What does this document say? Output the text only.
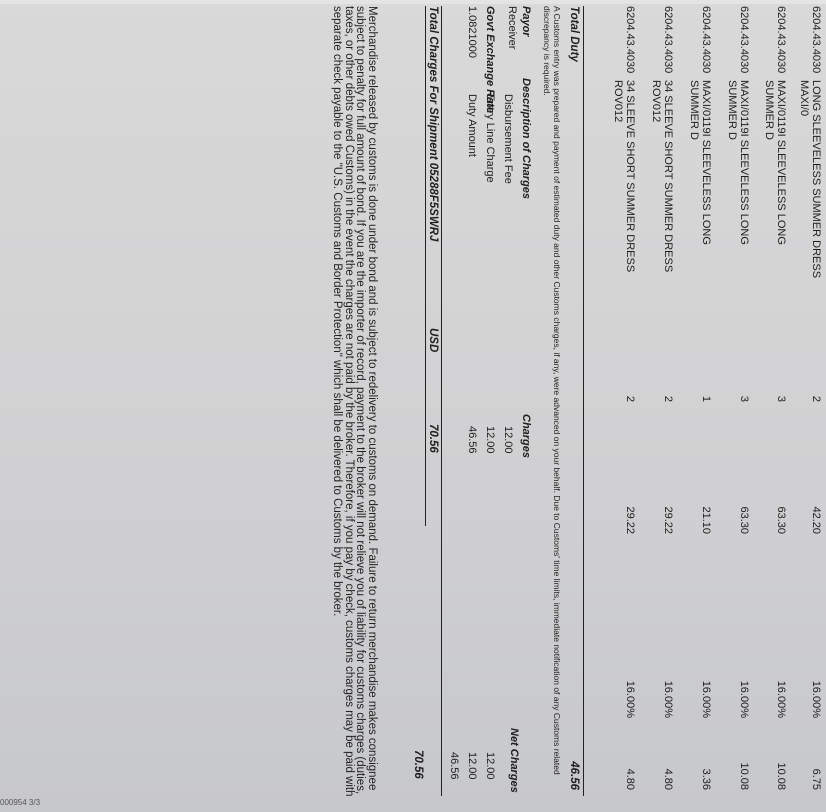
6204.43.4030
LONG SLEEVELESS SUMMER DRESS
MAXI/0
2
42.20
16.00%
6.75
6204.43.4030
MAXI/0119I SLEEVELESS LONG
SUMMER D
3
63.30
16.00%
10.08
6204.43.4030
MAXI/0119I SLEEVELESS LONG
SUMMER D
3
63.30
16.00%
10.08
6204.43.4030
MAXI/0119I SLEEVELESS LONG
SUMMER D
1
21.10
16.00%
3.36
6204.43.4030
34 SLEEVE SHORT SUMMER DRESS
ROV012
2
29.22
16.00%
4.80
6204.43.4030
34 SLEEVE SHORT SUMMER DRESS
ROV012
2
29.22
16.00%
4.80
Total Duty
46.56
A Customs entry was prepared and payment of estimated duty and other Customs charges, if any, were advanced on your behalf. Due to Customs' time limits, immediate notification of any Customs related discrepancy is required.
Payor
Description of Charges
Charges
Net Charges
Receiver
Govt Exchange Rate
1.0821000
Disbursement Fee
Entry Line Charge
Duty Amount
12.00
12.00
46.56
12.00
12.00
46.56
Total Charges For Shipment 05288F5SWRJ
USD
70.56
70.56
Merchandise released by customs is done under bond and is subject to redelivery to customs on demand. Failure to return merchandise makes consignee subject to penalty for full amount of bond. If you are the importer of record, payment to the broker will not relieve you of liability for customs charges (duties, taxes, or other debts owed Customs) in the event the charges are not paid by the broker. Therefore, if you pay by check, customs charges may be paid with separate check payable to the "U.S. Customs and Border Protection" which shall be delivered to Customs by the broker.
000954 3/3
